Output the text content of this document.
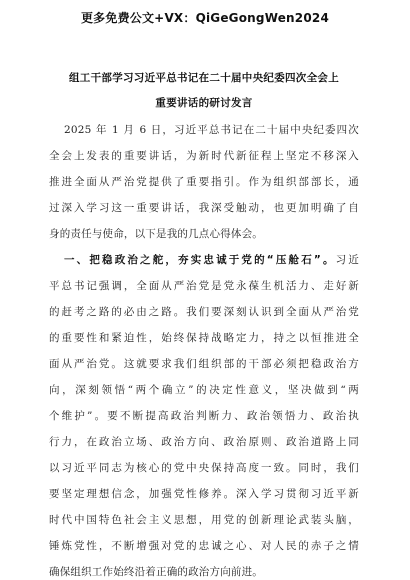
更多免费公文+VX：QiGeGongWen2024
组工干部学习习近平总书记在二十届中央纪委四次全会上
重要讲话的研讨发言
2025 年 1 月 6 日，习近平总书记在二十届中央纪委四次
全会上发表的重要讲话，为新时代新征程上坚定不移深入
推进全面从严治党提供了重要指引。作为组织部部长，通
过深入学习这一重要讲话，我深受触动，也更加明确了自
身的责任与使命，以下是我的几点心得体会。
一、把稳政治之舵，夯实忠诚于党的“压舱石”。习近
平总书记强调，全面从严治党是党永葆生机活力、走好新
的赶考之路的必由之路。我们要深刻认识到全面从严治党
的重要性和紧迫性，始终保持战略定力，持之以恒推进全
面从严治党。这就要求我们组织部的干部必须把稳政治方
向，深刻领悟“两个确立”的决定性意义，坚决做到“两
个维护”。要不断提高政治判断力、政治领悟力、政治执
行力，在政治立场、政治方向、政治原则、政治道路上同
以习近平同志为核心的党中央保持高度一致。同时，我们
要坚定理想信念，加强党性修养。深入学习贯彻习近平新
时代中国特色社会主义思想，用党的创新理论武装头脑，
锤炼党性，不断增强对党的忠诚之心、对人民的赤子之情
确保组织工作始终沿着正确的政治方向前进。
